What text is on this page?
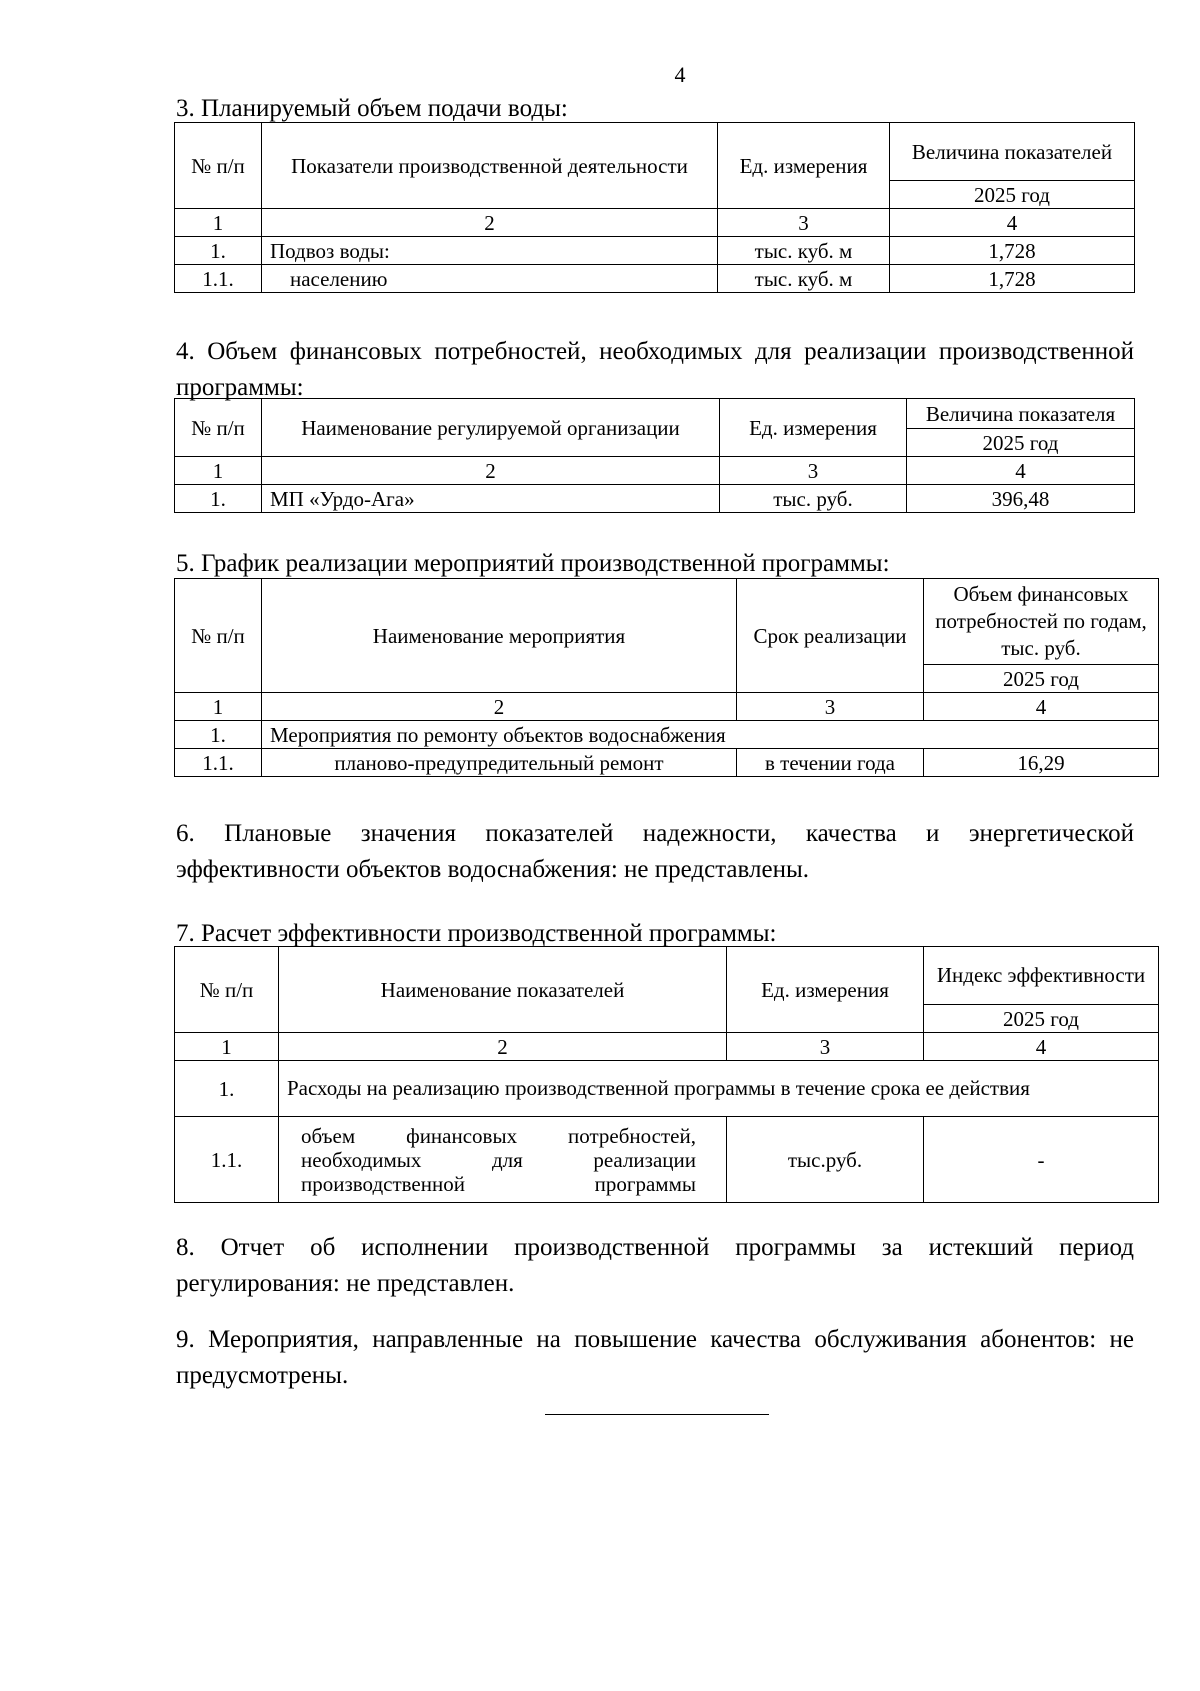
4
3. Планируемый объем подачи воды:
№ п/п	Показатели производственной деятельности	Ед. измерения	Величина показателей
			2025 год
1	2	3	4
1.	Подвоз воды:	тыс. куб. м	1,728
1.1.	населению	тыс. куб. м	1,728
4. Объем финансовых потребностей, необходимых для реализации производственной программы:
№ п/п	Наименование регулируемой организации	Ед. измерения	Величина показателя
			2025 год
1	2	3	4
1.	МП «Урдо-Ага»	тыс. руб.	396,48
5. График реализации мероприятий производственной программы:
№ п/п	Наименование мероприятия	Срок реализации	Объем финансовых потребностей по годам, тыс. руб.
			2025 год
1	2	3	4
1.	Мероприятия по ремонту объектов водоснабжения		
1.1.	планово-предупредительный ремонт	в течении года	16,29
6. Плановые значения показателей надежности, качества и энергетической эффективности объектов водоснабжения: не представлены.
7. Расчет эффективности производственной программы:
№ п/п	Наименование показателей	Ед. измерения	Индекс эффективности
			2025 год
1	2	3	4
1.	Расходы на реализацию производственной программы в течение срока ее действия		
1.1.	объем финансовых потребностей, необходимых для реализации производственной программы	тыс.руб.	-
8. Отчет об исполнении производственной программы за истекший период регулирования: не представлен.
9. Мероприятия, направленные на повышение качества обслуживания абонентов: не предусмотрены.
